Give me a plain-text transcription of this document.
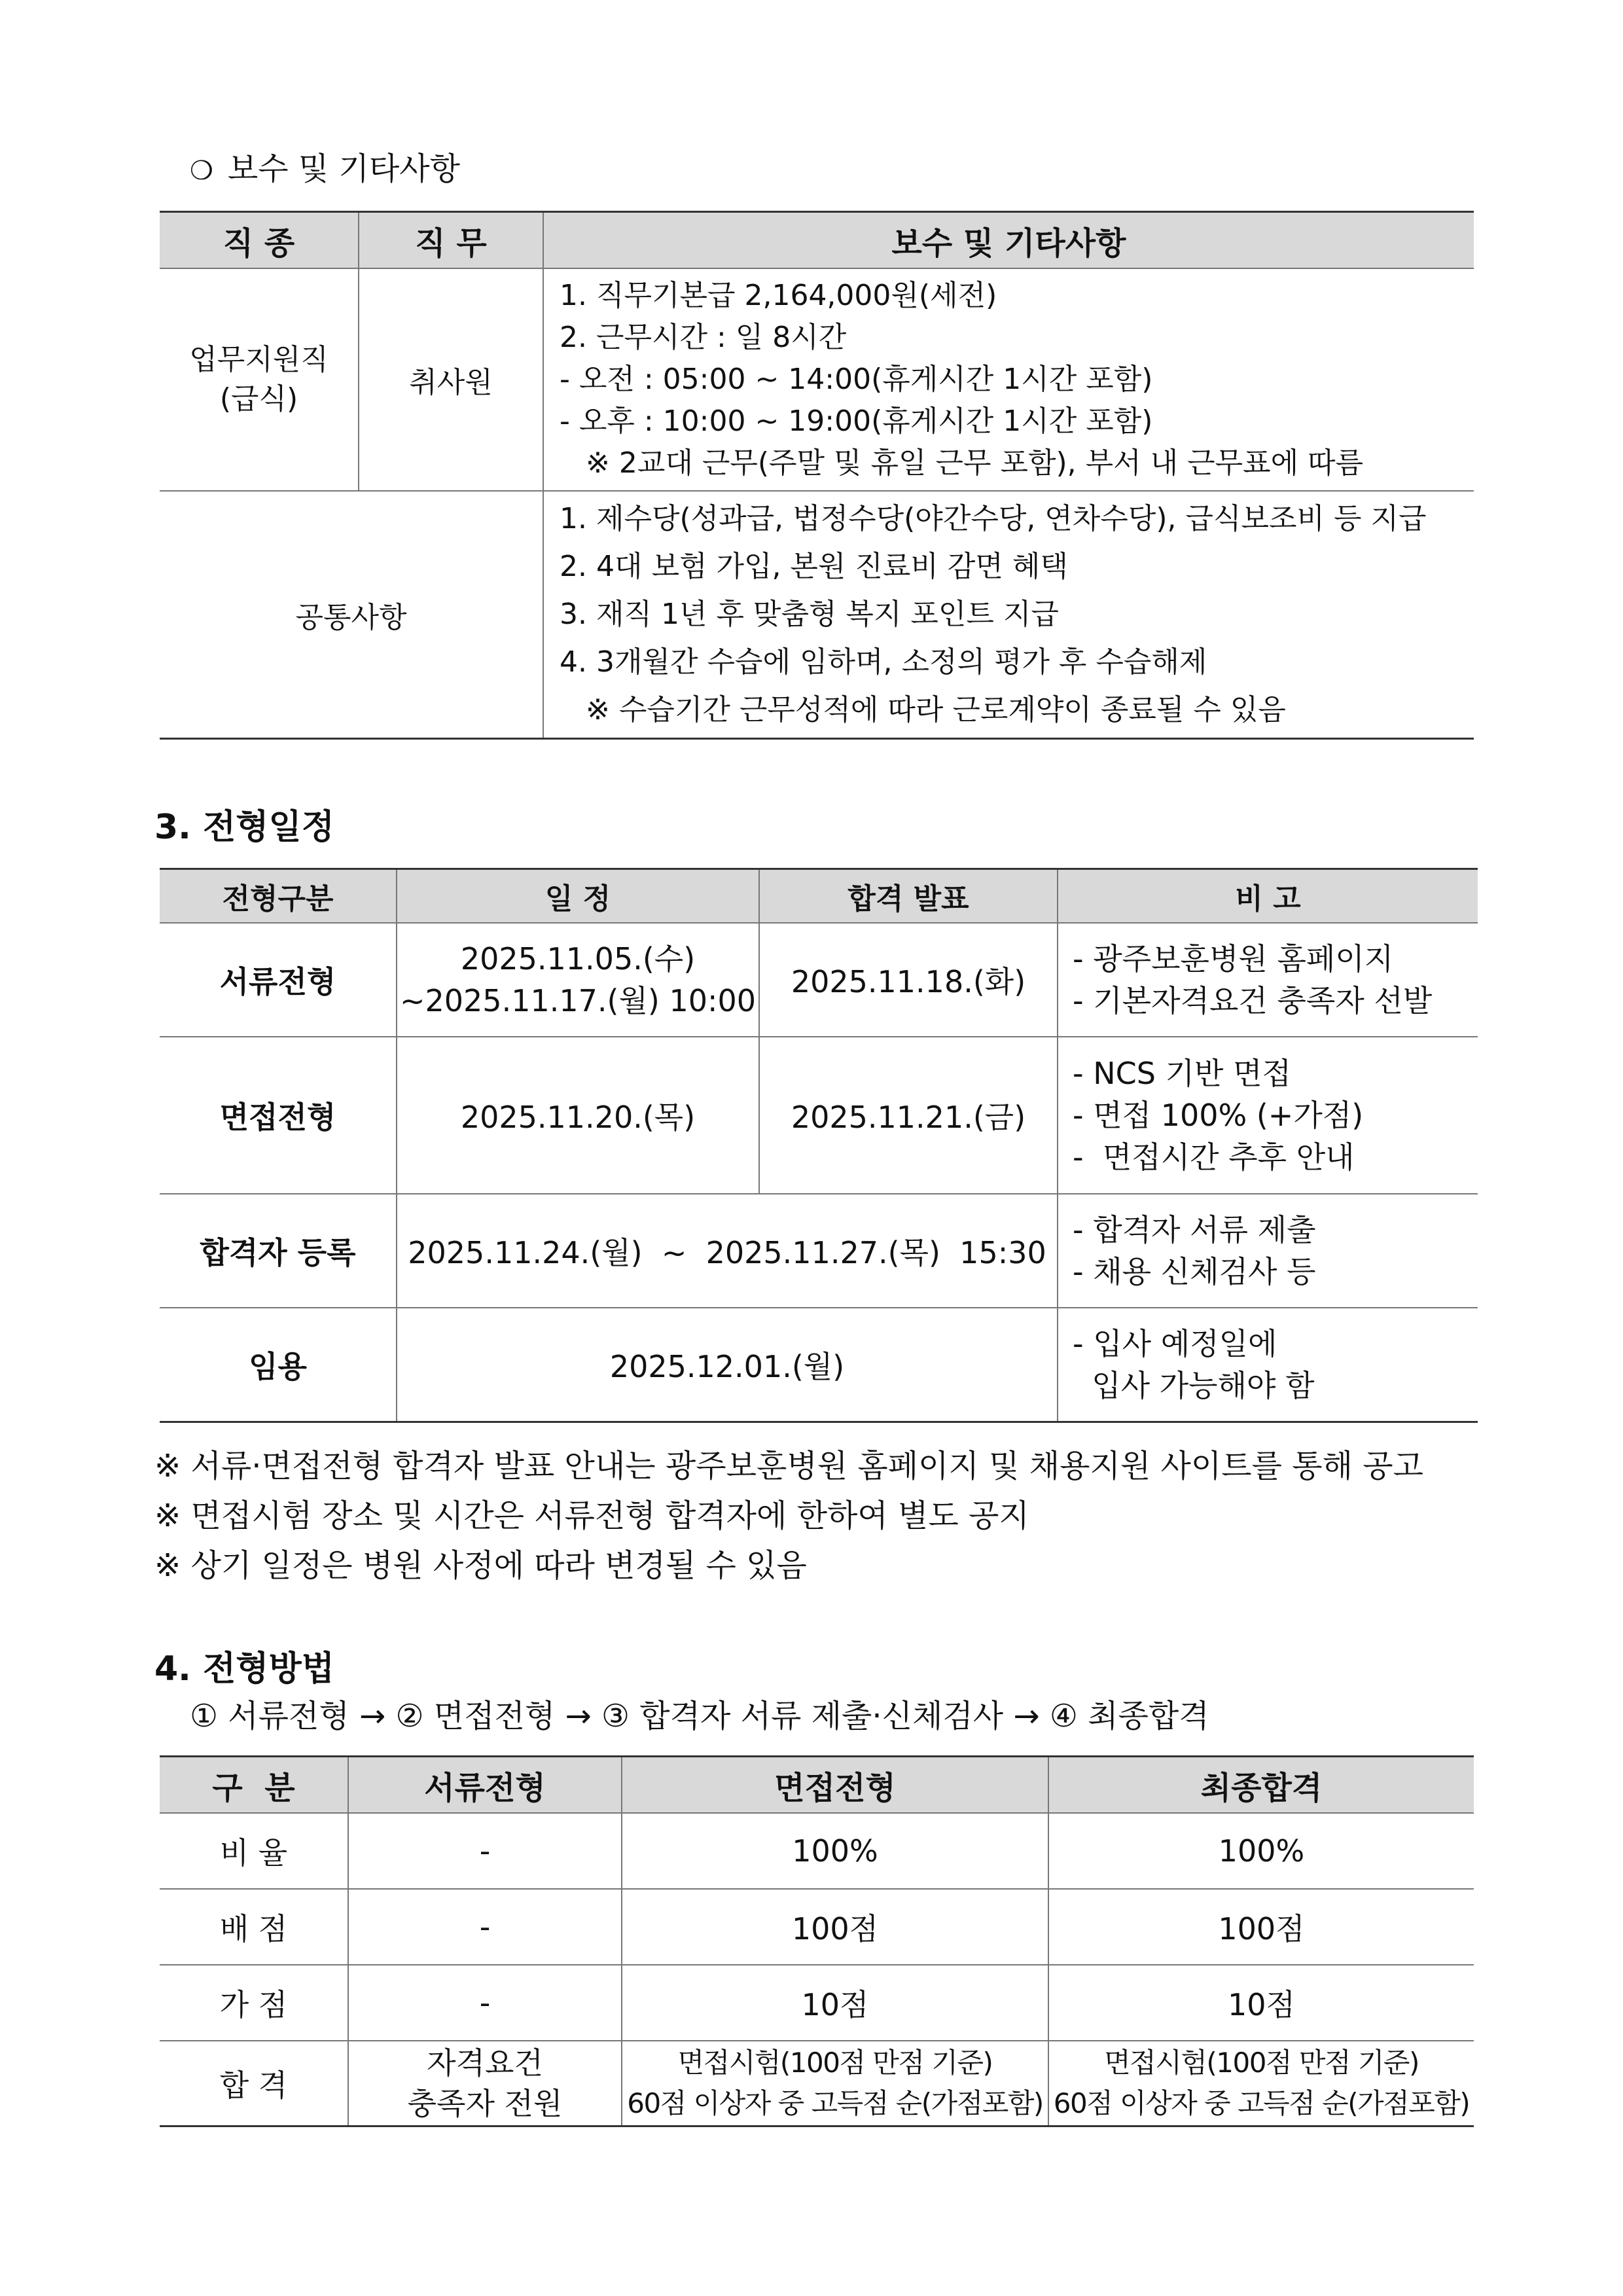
❍ 보수 및 기타사항
직 종	직 무	보수 및 기타사항

업무지원직
(급식)	취사원	1. 직무기본급 2,164,000원(세전)
2. 근무시간 : 일 8시간
- 오전 : 05:00 ~ 14:00(휴게시간 1시간 포함)
- 오후 : 10:00 ~ 19:00(휴게시간 1시간 포함)
※ 2교대 근무(주말 및 휴일 근무 포함), 부서 내 근무표에 따름

공통사항		1. 제수당(성과급, 법정수당(야간수당, 연차수당), 급식보조비 등 지급
2. 4대 보험 가입, 본원 진료비 감면 혜택
3. 재직 1년 후 맞춤형 복지 포인트 지급
4. 3개월간 수습에 임하며, 소정의 평가 후 수습해제
※ 수습기간 근무성적에 따라 근로계약이 종료될 수 있음
3. 전형일정
전형구분	일 정	합격 발표	비 고
서류전형	2025.11.05.(수)
~2025.11.17.(월) 10:00	2025.11.18.(화)	- 광주보훈병원 홈페이지
- 기본자격요건 충족자 선발

면접전형	2025.11.20.(목)	2025.11.21.(금)	- NCS 기반 면접
- 면접 100% (+가점)
-  면접시간 추후 안내

합격자 등록	2025.11.24.(월)  ~  2025.11.27.(목)  15:30		- 합격자 서류 제출
- 채용 신체검사 등

임용	2025.12.01.(월)		- 입사 예정일에
입사 가능해야 함
※ 서류·면접전형 합격자 발표 안내는 광주보훈병원 홈페이지 및 채용지원 사이트를 통해 공고
※ 면접시험 장소 및 시간은 서류전형 합격자에 한하여 별도 공지
※ 상기 일정은 병원 사정에 따라 변경될 수 있음
4. 전형방법
① 서류전형 → ② 면접전형 → ③ 합격자 서류 제출·신체검사 → ④ 최종합격
구  분	서류전형	면접전형	최종합격
비 율	-	100%	100%
배 점	-	100점	100점
가 점	-	10점	10점
합 격	자격요건
충족자 전원	면접시험(100점 만점 기준)
60점 이상자 중 고득점 순(가점포함)	면접시험(100점 만점 기준)
60점 이상자 중 고득점 순(가점포함)
